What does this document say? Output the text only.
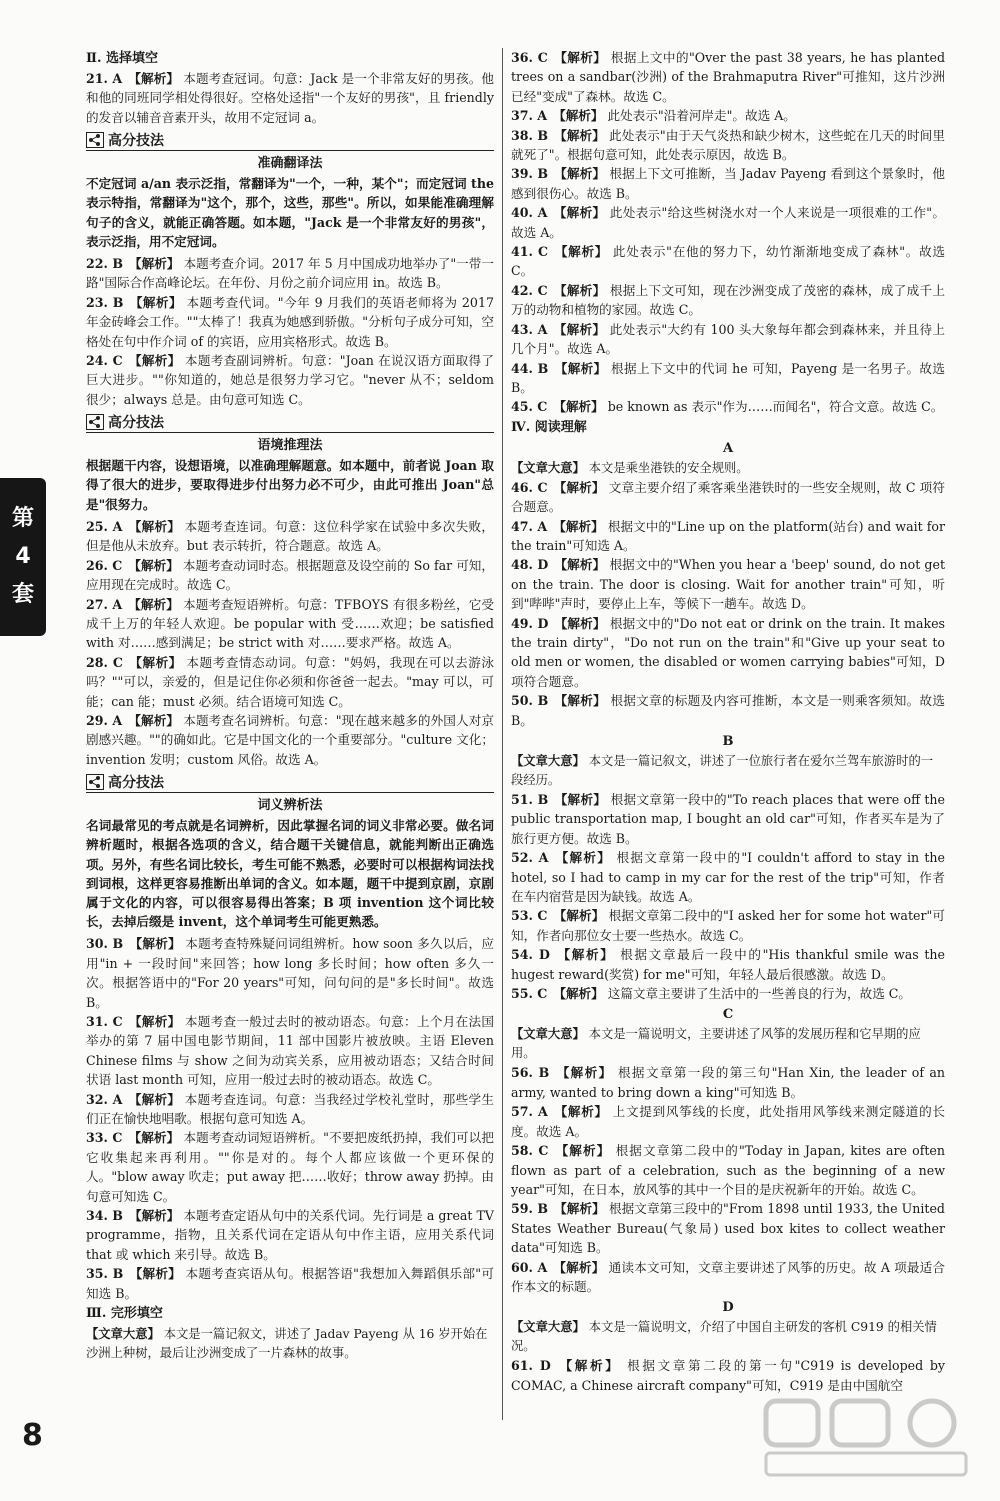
第
4
套
Ⅱ. 选择填空

21. A 【解析】 本题考查冠词。句意：Jack 是一个非常友好的男孩。他和他的同班同学相处得很好。空格处迳指"一个友好的男孩"，且 friendly 的发音以辅音音素开头，故用不定冠词 a。

高分技法
准确翻译法

不定冠词 a/an 表示泛指，常翻译为"一个，一种，某个"；而定冠词 the 表示特指，常翻译为"这个，那个，这些，那些"。所以，如果能准确理解句子的含义，就能正确答题。如本题，"Jack 是一个非常友好的男孩"，表示泛指，用不定冠词。

22. B 【解析】 本题考查介词。2017 年 5 月中国成功地举办了"一带一路"国际合作高峰论坛。在年份、月份之前介词应用 in。故选 B。

23. B 【解析】 本题考查代词。"今年 9 月我们的英语老师将为 2017 年金砖峰会工作。""太棒了！我真为她感到骄傲。"分析句子成分可知，空格处在句中作介词 of 的宾语，应用宾格形式。故选 B。

24. C 【解析】 本题考查副词辨析。句意："Joan 在说汉语方面取得了巨大进步。""你知道的，她总是很努力学习它。"never 从不；seldom 很少；always 总是。由句意可知选 C。

高分技法
语境推理法

根据题干内容，设想语境，以准确理解题意。如本题中，前者说 Joan 取得了很大的进步，要取得进步付出努力必不可少，由此可推出 Joan"总是"很努力。

25. A 【解析】 本题考查连词。句意：这位科学家在试验中多次失败，但是他从未放弃。but 表示转折，符合题意。故选 A。

26. C 【解析】 本题考查动词时态。根据题意及设空前的 So far 可知，应用现在完成时。故选 C。

27. A 【解析】 本题考查短语辨析。句意：TFBOYS 有很多粉丝，它受成千上万的年轻人欢迎。be popular with 受……欢迎；be satisfied with 对……感到满足；be strict with 对……要求严格。故选 A。

28. C 【解析】 本题考查情态动词。句意："妈妈，我现在可以去游泳吗？""可以，亲爱的，但是记住你必须和你爸爸一起去。"may 可以，可能；can 能；must 必须。结合语境可知选 C。

29. A 【解析】 本题考查名词辨析。句意："现在越来越多的外国人对京剧感兴趣。""的确如此。它是中国文化的一个重要部分。"culture 文化；invention 发明；custom 风俗。故选 A。

高分技法
词义辨析法

名词最常见的考点就是名词辨析，因此掌握名词的词义非常必要。做名词辨析题时，根据各选项的含义，结合题干关键信息，就能判断出正确选项。另外，有些名词比较长，考生可能不熟悉，必要时可以根据构词法找到词根，这样更容易推断出单词的含义。如本题，题干中提到京剧，京剧属于文化的内容，可以很容易得出答案；B 项 invention 这个词比较长，去掉后缀是 invent，这个单词考生可能更熟悉。

30. B 【解析】 本题考查特殊疑问词组辨析。how soon 多久以后，应用"in + 一段时间"来回答；how long 多长时间；how often 多久一次。根据答语中的"For 20 years"可知，问句问的是"多长时间"。故选 B。

31. C 【解析】 本题考查一般过去时的被动语态。句意：上个月在法国举办的第 7 届中国电影节期间，11 部中国影片被放映。主语 Eleven Chinese films 与 show 之间为动宾关系，应用被动语态；又结合时间状语 last month 可知，应用一般过去时的被动语态。故选 C。

32. A 【解析】 本题考查连词。句意：当我经过学校礼堂时，那些学生们正在愉快地唱歌。根据句意可知选 A。

33. C 【解析】 本题考查动词短语辨析。"不要把废纸扔掉，我们可以把它收集起来再利用。""你是对的。每个人都应该做一个更环保的人。"blow away 吹走；put away 把……收好；throw away 扔掉。由句意可知选 C。

34. B 【解析】 本题考查定语从句中的关系代词。先行词是 a great TV programme，指物，且关系代词在定语从句中作主语，应用关系代词 that 或 which 来引导。故选 B。

35. B 【解析】 本题考查宾语从句。根据答语"我想加入舞蹈俱乐部"可知选 B。

Ⅲ. 完形填空

【文章大意】 本文是一篇记叙文，讲述了 Jadav Payeng 从 16 岁开始在沙洲上种树，最后让沙洲变成了一片森林的故事。

36. C 【解析】 根据上文中的"Over the past 38 years, he has planted trees on a sandbar(沙洲) of the Brahmaputra River"可推知，这片沙洲已经"变成"了森林。故选 C。

37. A 【解析】 此处表示"沿着河岸走"。故选 A。

38. B 【解析】 此处表示"由于天气炎热和缺少树木，这些蛇在几天的时间里就死了"。根据句意可知，此处表示原因，故选 B。

39. B 【解析】 根据上下文可推断，当 Jadav Payeng 看到这个景象时，他感到很伤心。故选 B。

40. A 【解析】 此处表示"给这些树浇水对一个人来说是一项很难的工作"。故选 A。

41. C 【解析】 此处表示"在他的努力下，幼竹渐渐地变成了森林"。故选 C。

42. C 【解析】 根据上下文可知，现在沙洲变成了茂密的森林，成了成千上万的动物和植物的家园。故选 C。

43. A 【解析】 此处表示"大约有 100 头大象每年都会到森林来，并且待上几个月"。故选 A。

44. B 【解析】 根据上下文中的代词 he 可知，Payeng 是一名男子。故选 B。

45. C 【解析】 be known as 表示"作为……而闻名"，符合文意。故选 C。

Ⅳ. 阅读理解
A

【文章大意】 本文是乘坐港铁的安全规则。

46. C 【解析】 文章主要介绍了乘客乘坐港铁时的一些安全规则，故 C 项符合题意。

47. A 【解析】 根据文中的"Line up on the platform(站台) and wait for the train"可知选 A。

48. D 【解析】 根据文中的"When you hear a 'beep' sound, do not get on the train. The door is closing. Wait for another train"可知，听到"哔哔"声时，要停止上车，等候下一趟车。故选 D。

49. D 【解析】 根据文中的"Do not eat or drink on the train. It makes the train dirty"，"Do not run on the train"和"Give up your seat to old men or women, the disabled or women carrying babies"可知，D 项符合题意。

50. B 【解析】 根据文章的标题及内容可推断，本文是一则乘客须知。故选 B。

B

【文章大意】 本文是一篇记叙文，讲述了一位旅行者在爱尔兰驾车旅游时的一段经历。

51. B 【解析】 根据文章第一段中的"To reach places that were off the public transportation map, I bought an old car"可知，作者买车是为了旅行更方便。故选 B。

52. A 【解析】 根据文章第一段中的"I couldn't afford to stay in the hotel, so I had to camp in my car for the rest of the trip"可知，作者在车内宿营是因为缺钱。故选 A。

53. C 【解析】 根据文章第二段中的"I asked her for some hot water"可知，作者向那位女士要一些热水。故选 C。

54. D 【解析】 根据文章最后一段中的"His thankful smile was the hugest reward(奖赏) for me"可知，年轻人最后很感激。故选 D。

55. C 【解析】 这篇文章主要讲了生活中的一些善良的行为，故选 C。

C

【文章大意】 本文是一篇说明文，主要讲述了风筝的发展历程和它早期的应用。

56. B 【解析】 根据文章第一段的第三句"Han Xin, the leader of an army, wanted to bring down a king"可知选 B。

57. A 【解析】 上文提到风筝线的长度，此处指用风筝线来测定隧道的长度。故选 A。

58. C 【解析】 根据文章第二段中的"Today in Japan, kites are often flown as part of a celebration, such as the beginning of a new year"可知，在日本，放风筝的其中一个目的是庆祝新年的开始。故选 C。

59. B 【解析】 根据文章第三段中的"From 1898 until 1933, the United States Weather Bureau(气象局) used box kites to collect weather data"可知选 B。

60. A 【解析】 通读本文可知，文章主要讲述了风筝的历史。故 A 项最适合作本文的标题。

D

【文章大意】 本文是一篇说明文，介绍了中国自主研发的客机 C919 的相关情况。

61. D 【解析】 根据文章第二段的第一句"C919 is developed by COMAC, a Chinese aircraft company"可知，C919 是由中国航空

8
